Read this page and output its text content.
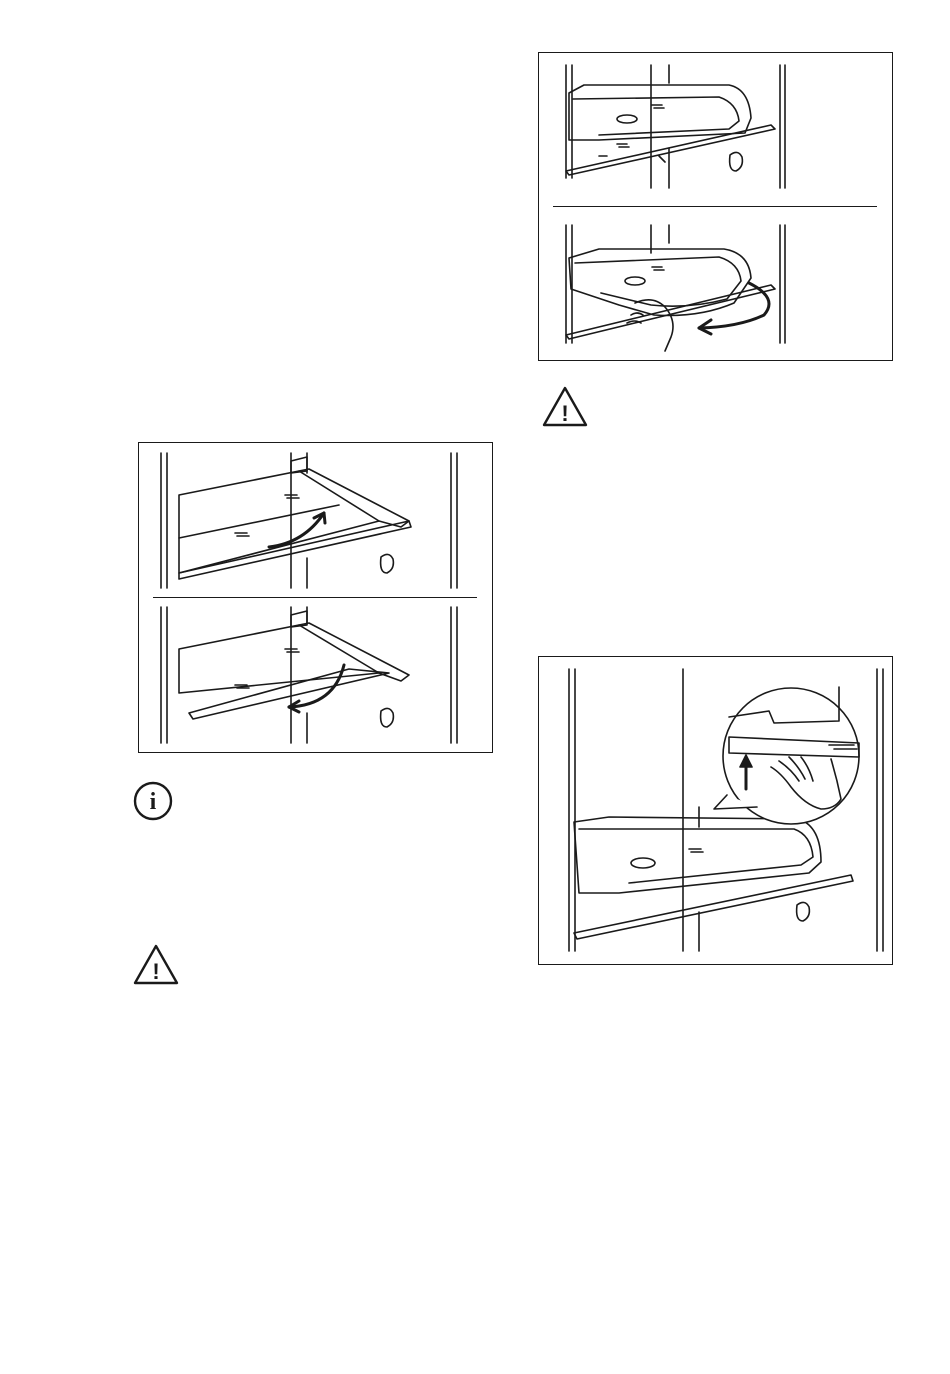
!
i
!
